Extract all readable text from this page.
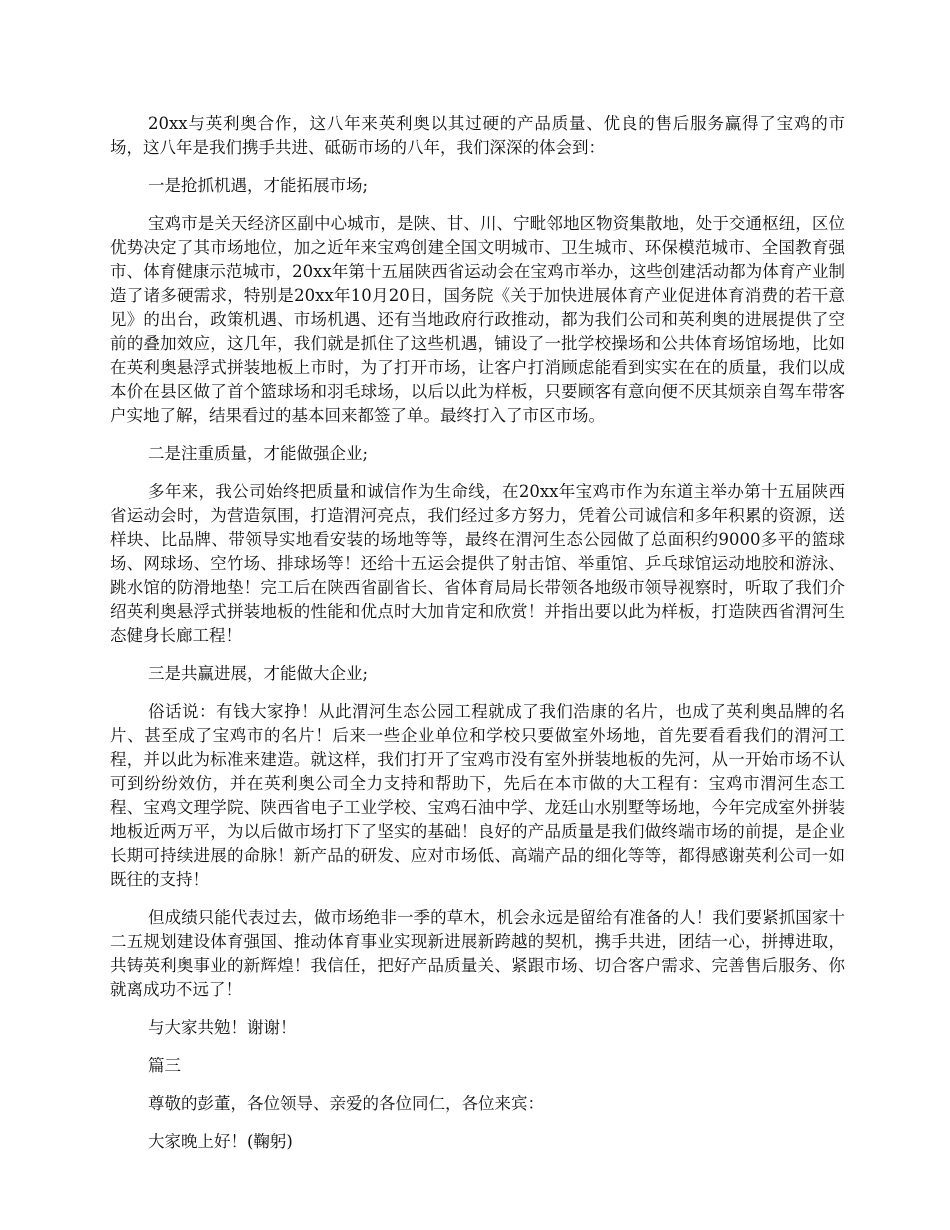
20xx与英利奥合作，这八年来英利奥以其过硬的产品质量、优良的售后服务赢得了宝鸡的市场，这八年是我们携手共进、砥砺市场的八年，我们深深的体会到：

一是抢抓机遇，才能拓展市场;

宝鸡市是关天经济区副中心城市，是陕、甘、川、宁毗邻地区物资集散地，处于交通枢纽，区位优势决定了其市场地位，加之近年来宝鸡创建全国文明城市、卫生城市、环保模范城市、全国教育强市、体育健康示范城市，20xx年第十五届陕西省运动会在宝鸡市举办，这些创建活动都为体育产业制造了诸多硬需求，特别是20xx年10月20日，国务院《关于加快进展体育产业促进体育消费的若干意见》的出台，政策机遇、市场机遇、还有当地政府行政推动，都为我们公司和英利奥的进展提供了空前的叠加效应，这几年，我们就是抓住了这些机遇，铺设了一批学校操场和公共体育场馆场地，比如在英利奥悬浮式拼装地板上市时，为了打开市场，让客户打消顾虑能看到实实在在的质量，我们以成本价在县区做了首个篮球场和羽毛球场，以后以此为样板，只要顾客有意向便不厌其烦亲自驾车带客户实地了解，结果看过的基本回来都签了单。最终打入了市区市场。

二是注重质量，才能做强企业;

多年来，我公司始终把质量和诚信作为生命线，在20xx年宝鸡市作为东道主举办第十五届陕西省运动会时，为营造氛围，打造渭河亮点，我们经过多方努力，凭着公司诚信和多年积累的资源，送样块、比品牌、带领导实地看安装的场地等等，最终在渭河生态公园做了总面积约9000多平的篮球场、网球场、空竹场、排球场等！还给十五运会提供了射击馆、举重馆、乒乓球馆运动地胶和游泳、跳水馆的防滑地垫！完工后在陕西省副省长、省体育局局长带领各地级市领导视察时，听取了我们介绍英利奥悬浮式拼装地板的性能和优点时大加肯定和欣赏！并指出要以此为样板，打造陕西省渭河生态健身长廊工程！

三是共赢进展，才能做大企业;

俗话说：有钱大家挣！从此渭河生态公园工程就成了我们浩康的名片，也成了英利奥品牌的名片、甚至成了宝鸡市的名片！后来一些企业单位和学校只要做室外场地，首先要看看我们的渭河工程，并以此为标准来建造。就这样，我们打开了宝鸡市没有室外拼装地板的先河，从一开始市场不认可到纷纷效仿，并在英利奥公司全力支持和帮助下，先后在本市做的大工程有：宝鸡市渭河生态工程、宝鸡文理学院、陕西省电子工业学校、宝鸡石油中学、龙廷山水别墅等场地，今年完成室外拼装地板近两万平，为以后做市场打下了坚实的基础！良好的产品质量是我们做终端市场的前提，是企业长期可持续进展的命脉！新产品的研发、应对市场低、高端产品的细化等等，都得感谢英利公司一如既往的支持！

但成绩只能代表过去，做市场绝非一季的草木，机会永远是留给有准备的人！我们要紧抓国家十二五规划建设体育强国、推动体育事业实现新进展新跨越的契机，携手共进，团结一心，拼搏进取，共铸英利奥事业的新辉煌！我信任，把好产品质量关、紧跟市场、切合客户需求、完善售后服务、你就离成功不远了！

与大家共勉！谢谢！

篇三

尊敬的彭董，各位领导、亲爱的各位同仁，各位来宾：

大家晚上好！(鞠躬)
